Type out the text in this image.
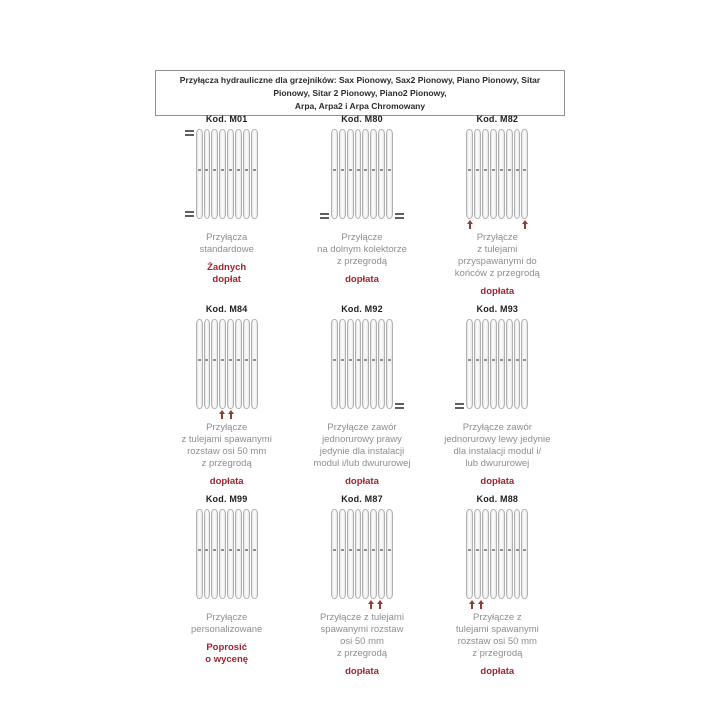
Przyłącza hydrauliczne dla grzejników: Sax Pionowy, Sax2 Pionowy, Piano Pionowy, Sitar Pionowy, Sitar 2 Pionowy, Piano2 Pionowy,
Arpa, Arpa2 i Arpa Chromowany
Kod. M01
Przyłącza
standardowe
Żadnych
dopłat
Kod. M80
Przyłącze
na dolnym kolektorze
z przegrodą
dopłata
Kod. M82
Przyłącze
z tulejami
przyspawanymi do
końców z przegrodą
dopłata
Kod. M84
Przyłącze
z tulejami spawanymi
rozstaw osi 50 mm
z przegrodą
dopłata
Kod. M92
Przyłącze zawór
jednorurowy prawy
jedynie dla instalacji
modul i/lub dwururowej
dopłata
Kod. M93
Przyłącze zawór
jednorurowy lewy jedynie
dla instalacji modul i/
lub dwururowej
dopłata
Kod. M99
Przyłącze
personalizowane
Poprosić
o wycenę
Kod. M87
Przyłącze z tulejami
spawanymi rozstaw
osi 50 mm
z przegrodą
dopłata
Kod. M88
Przyłącze z
tulejami spawanymi
rozstaw osi 50 mm
z przegrodą
dopłata
